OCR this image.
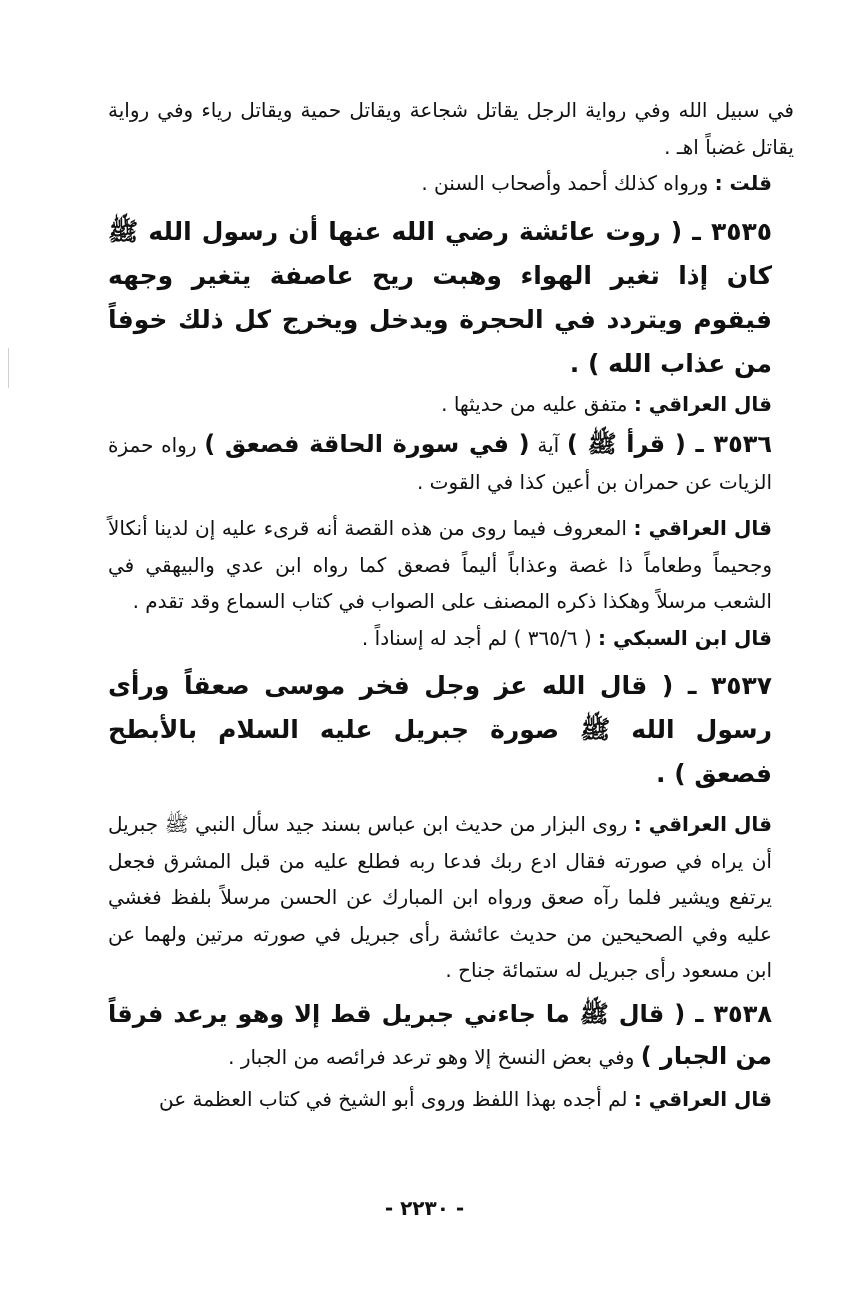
في سبيل الله وفي رواية الرجل يقاتل شجاعة ويقاتل حمية ويقاتل رياء وفي رواية يقاتل غضباً اهـ .

قلت : ورواه كذلك أحمد وأصحاب السنن .

٣٥٣٥ ـ ( روت عائشة رضي الله عنها أن رسول الله ﷺ كان إذا تغير الهواء وهبت ريح عاصفة يتغير وجهه فيقوم ويتردد في الحجرة ويدخل ويخرج كل ذلك خوفاً من عذاب الله ) .

قال العراقي : متفق عليه من حديثها .

٣٥٣٦ ـ ( قرأ ﷺ ) آية ( في سورة الحاقة فصعق ) رواه حمزة الزيات عن حمران بن أعين كذا في القوت .

قال العراقي : المعروف فيما روى من هذه القصة أنه قرىء عليه إن لدينا أنكالاً وجحيماً وطعاماً ذا غصة وعذاباً أليماً فصعق كما رواه ابن عدي والبيهقي في الشعب مرسلاً وهكذا ذكره المصنف على الصواب في كتاب السماع وقد تقدم .

قال ابن السبكي : ( ٣٦٥/٦ ) لم أجد له إسناداً .

٣٥٣٧ ـ ( قال الله عز وجل فخر موسى صعقاً ورأى رسول الله ﷺ صورة جبريل عليه السلام بالأبطح فصعق ) .

قال العراقي : روى البزار من حديث ابن عباس بسند جيد سأل النبي ﷺ جبريل أن يراه في صورته فقال ادع ربك فدعا ربه فطلع عليه من قبل المشرق فجعل يرتفع ويشير فلما رآه صعق ورواه ابن المبارك عن الحسن مرسلاً بلفظ فغشي عليه وفي الصحيحين من حديث عائشة رأى جبريل في صورته مرتين ولهما عن ابن مسعود رأى جبريل له ستمائة جناح .

٣٥٣٨ ـ ( قال ﷺ ما جاءني جبريل قط إلا وهو يرعد فرقاً من الجبار ) وفي بعض النسخ إلا وهو ترعد فرائصه من الجبار .

قال العراقي : لم أجده بهذا اللفظ وروى أبو الشيخ في كتاب العظمة عن

- ٢٢٣٠ -
